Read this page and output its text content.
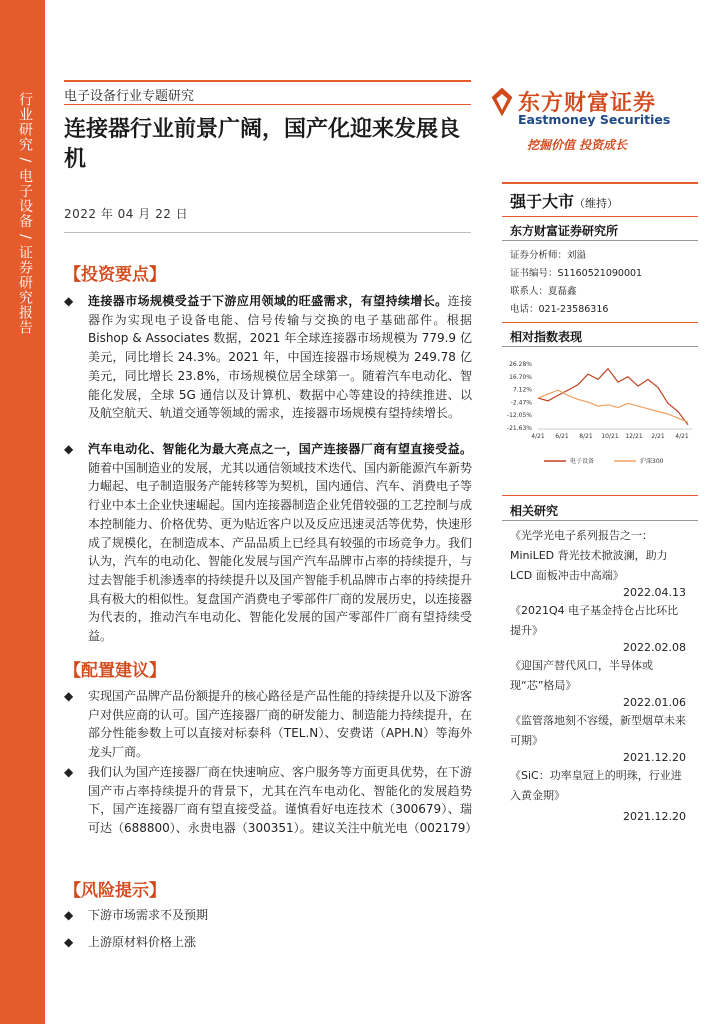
行业研究 / 电子设备 / 证券研究报告 电子设备行业专题研究
连接器行业前景广阔，国产化迎来发展良机
2022 年 04 月 22 日
【投资要点】
◆ 连接器市场规模受益于下游应用领域的旺盛需求，有望持续增长。连接器作为实现电子设备电能、信号传输与交换的电子基础部件。根据 Bishop & Associates 数据，2021 年全球连接器市场规模为 779.9 亿美元，同比增长 24.3%。2021 年，中国连接器市场规模为 249.78 亿美元，同比增长 23.8%，市场规模位居全球第一。随着汽车电动化、智能化发展，全球 5G 通信以及计算机、数据中心等建设的持续推进、以及航空航天、轨道交通等领域的需求，连接器市场规模有望持续增长。
◆ 汽车电动化、智能化为最大亮点之一，国产连接器厂商有望直接受益。随着中国制造业的发展，尤其以通信领域技术迭代、国内新能源汽车新势力崛起、电子制造服务产能转移等为契机，国内通信、汽车、消费电子等行业中本土企业快速崛起。国内连接器制造企业凭借较强的工艺控制与成本控制能力、价格优势、更为贴近客户以及反应迅速灵活等优势，快速形成了规模化，在制造成本、产品品质上已经具有较强的市场竞争力。我们认为，汽车的电动化、智能化发展与国产汽车品牌市占率的持续提升，与过去智能手机渗透率的持续提升以及国产智能手机品牌市占率的持续提升具有极大的相似性。复盘国产消费电子零部件厂商的发展历史，以连接器为代表的，推动汽车电动化、智能化发展的国产零部件厂商有望持续受益。
【配置建议】
◆ 实现国产品牌产品份额提升的核心路径是产品性能的持续提升以及下游客户对供应商的认可。国产连接器厂商的研发能力、制造能力持续提升，在部分性能参数上可以直接对标泰科（TEL.N）、安费诺（APH.N）等海外龙头厂商。
◆ 我们认为国产连接器厂商在快速响应、客户服务等方面更具优势，在下游国产市占率持续提升的背景下，尤其在汽车电动化、智能化的发展趋势下，国产连接器厂商有望直接受益。谨慎看好电连技术（300679）、瑞可达（688800）、永贵电器（300351）。建议关注中航光电（002179）
【风险提示】
◆ 下游市场需求不及预期
◆ 上游原材料价格上涨
东方财富证券
Eastmoney Securities
挖掘价值 投资成长
强于大市（维持）
东方财富证券研究所
证券分析师：刘溢
证书编号：S1160521090001
联系人：夏磊鑫
电话：021-23586316
相对指数表现
26.28%
16.70%
7.12%
-2.47%
-12.05%
-21.63%
4/21 6/21 8/21 10/21 12/21 2/21 4/21
电子设备	沪深300
相关研究
《光学光电子系列报告之一：MiniLED 背光技术掀波澜，助力 LCD 面板冲击中高端》
2022.04.13
《2021Q4 电子基金持仓占比环比提升》
2022.02.08
《迎国产替代风口，半导体或现“芯”格局》
2022.01.06
《监管落地刻不容缓，新型烟草未来可期》
2021.12.20
《SiC：功率皇冠上的明珠，行业进入黄金期》
2021.12.20
